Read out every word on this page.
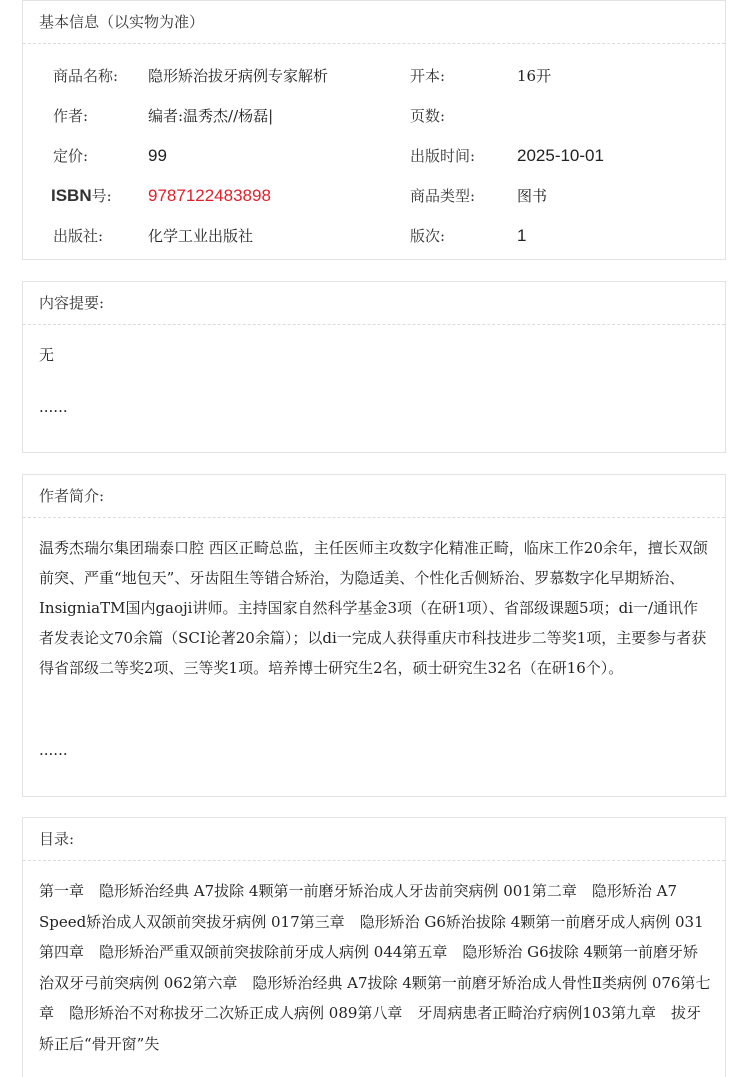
基本信息（以实物为准）
商品名称: 隐形矫治拔牙病例专家解析	开本:	16开
作者:	编者:温秀杰//杨磊|	页数:
定价:	99	出版时间: 2025-10-01
ISBN号: 9787122483898	商品类型:	图书
出版社:	化学工业出版社	版次:	1
内容提要:
无
......
作者简介:
温秀杰瑞尔集团瑞泰口腔 西区正畸总监，主任医师主攻数字化精准正畸，临床工作20余年，擅长双颌前突、严重“地包天”、牙齿阻生等错合矫治，为隐适美、个性化舌侧矫治、罗慕数字化早期矫治、InsigniaTM国内gaoji讲师。主持国家自然科学基金3项（在研1项）、省部级课题5项；di一/通讯作者发表论文70余篇（SCI论著20余篇）；以di一完成人获得重庆市科技进步二等奖1项，主要参与者获得省部级二等奖2项、三等奖1项。培养博士研究生2名，硕士研究生32名（在研16个）。
......
目录:
第一章　隐形矫治经典 A7拔除 4颗第一前磨牙矫治成人牙齿前突病例 001第二章　隐形矫治 A7 Speed矫治成人双颌前突拔牙病例 017第三章　隐形矫治 G6矫治拔除 4颗第一前磨牙成人病例 031第四章　隐形矫治严重双颌前突拔除前牙成人病例 044第五章　隐形矫治 G6拔除 4颗第一前磨牙矫治双牙弓前突病例 062第六章　隐形矫治经典 A7拔除 4颗第一前磨牙矫治成人骨性Ⅱ类病例 076第七章　隐形矫治不对称拔牙二次矫正成人病例 089第八章　牙周病患者正畸治疗病例103第九章　拔牙矫正后“骨开窗”失
